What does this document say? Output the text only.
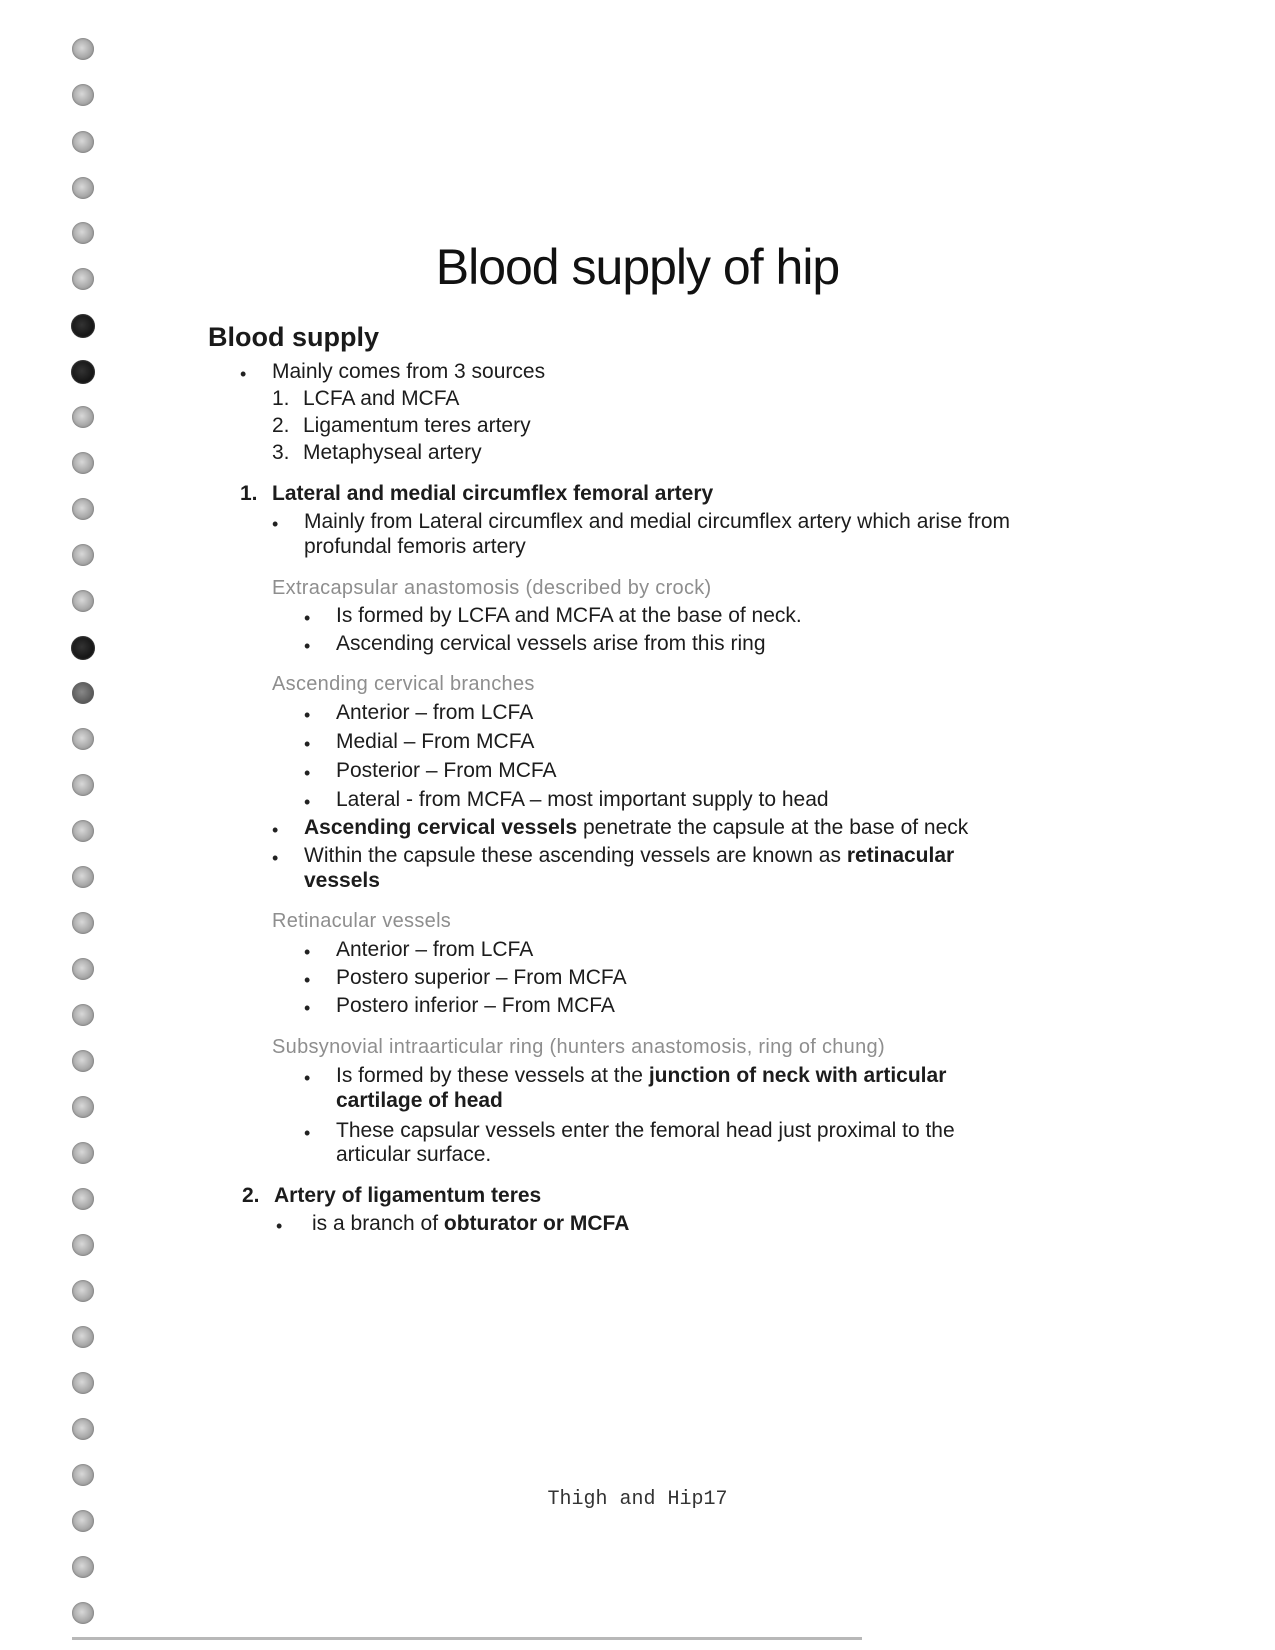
Blood supply of hip
Blood supply
• Mainly comes from 3 sources
1. LCFA and MCFA
2. Ligamentum teres artery
3. Metaphyseal artery
1. Lateral and medial circumflex femoral artery
• Mainly from Lateral circumflex and medial circumflex artery which arise from
profundal femoris artery
Extracapsular anastomosis (described by crock)
• Is formed by LCFA and MCFA at the base of neck.
• Ascending cervical vessels arise from this ring
Ascending cervical branches
• Anterior – from LCFA
• Medial – From MCFA
• Posterior – From MCFA
• Lateral - from MCFA – most important supply to head
• Ascending cervical vessels penetrate the capsule at the base of neck
• Within the capsule these ascending vessels are known as retinacular
vessels
Retinacular vessels
• Anterior – from LCFA
• Postero superior – From MCFA
• Postero inferior – From MCFA
Subsynovial intraarticular ring (hunters anastomosis, ring of chung)
• Is formed by these vessels at the junction of neck with articular
cartilage of head
• These capsular vessels enter the femoral head just proximal to the
articular surface.
2. Artery of ligamentum teres
• is a branch of obturator or MCFA
Thigh and Hip17
